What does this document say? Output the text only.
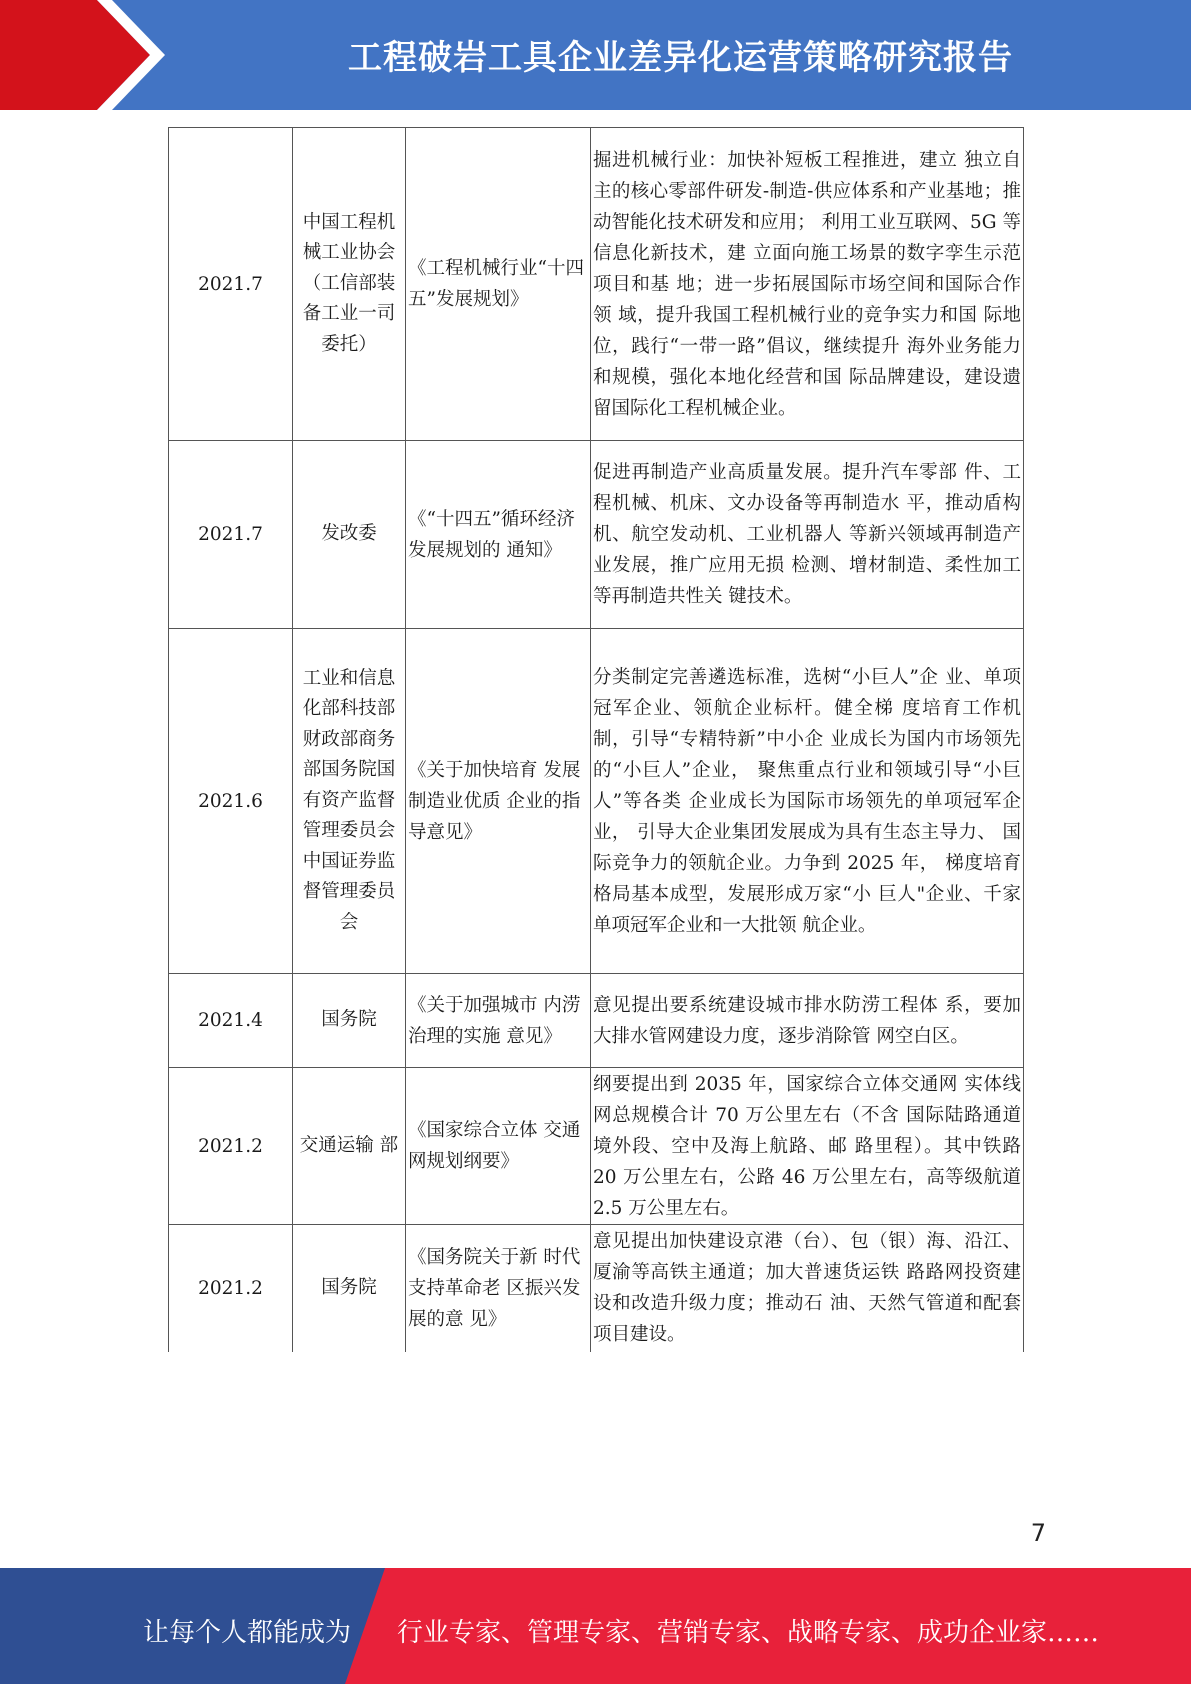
工程破岩工具企业差异化运营策略研究报告
2021.7	中国工程机械工业协会（工信部装备工业一司委托）	《工程机械行业“十四五”发展规划》	掘进机械行业：加快补短板工程推进，建立 独立自主的核心零部件研发-制造-供应体系和产业基地；推动智能化技术研发和应用； 利用工业互联网、5G 等信息化新技术，建 立面向施工场景的数字孪生示范项目和基 地；进一步拓展国际市场空间和国际合作领 域，提升我国工程机械行业的竞争实力和国 际地位，践行“一带一路”倡议，继续提升 海外业务能力和规模，强化本地化经营和国 际品牌建设，建设遗留国际化工程机械企业。
2021.7	发改委	《“十四五”循环经济发展规划的 通知》	促进再制造产业高质量发展。提升汽车零部 件、工程机械、机床、文办设备等再制造水 平，推动盾构机、航空发动机、工业机器人 等新兴领域再制造产业发展，推广应用无损 检测、增材制造、柔性加工等再制造共性关 键技术。
2021.6	工业和信息化部科技部财政部商务部国务院国有资产监督管理委员会中国证券监督管理委员会	《关于加快培育 发展制造业优质 企业的指导意见》	分类制定完善遴选标准，选树“小巨人”企 业、单项冠军企业、领航企业标杆。健全梯 度培育工作机制，引导“专精特新”中小企 业成长为国内市场领先的“小巨人”企业， 聚焦重点行业和领域引导“小巨人”等各类 企业成长为国际市场领先的单项冠军企业， 引导大企业集团发展成为具有生态主导力、 国际竞争力的领航企业。力争到 2025 年， 梯度培育格局基本成型，发展形成万家“小 巨人"企业、千家单项冠军企业和一大批领 航企业。
2021.4	国务院	《关于加强城市 内涝治理的实施 意见》	意见提出要系统建设城市排水防涝工程体 系，要加大排水管网建设力度，逐步消除管 网空白区。
2021.2	交通运输 部	《国家综合立体 交通网规划纲要》	纲要提出到 2035 年，国家综合立体交通网 实体线网总规模合计 70 万公里左右（不含 国际陆路通道境外段、空中及海上航路、邮 路里程）。其中铁路 20 万公里左右，公路 46 万公里左右，高等级航道 2.5 万公里左右。
2021.2	国务院	《国务院关于新 时代支持革命老 区振兴发展的意 见》	意见提出加快建设京港（台）、包（银）海、沿江、厦渝等高铁主通道；加大普速货运铁 路路网投资建设和改造升级力度；推动石 油、天然气管道和配套项目建设。
7
让每个人都能成为 行业专家、管理专家、营销专家、战略专家、成功企业家……
